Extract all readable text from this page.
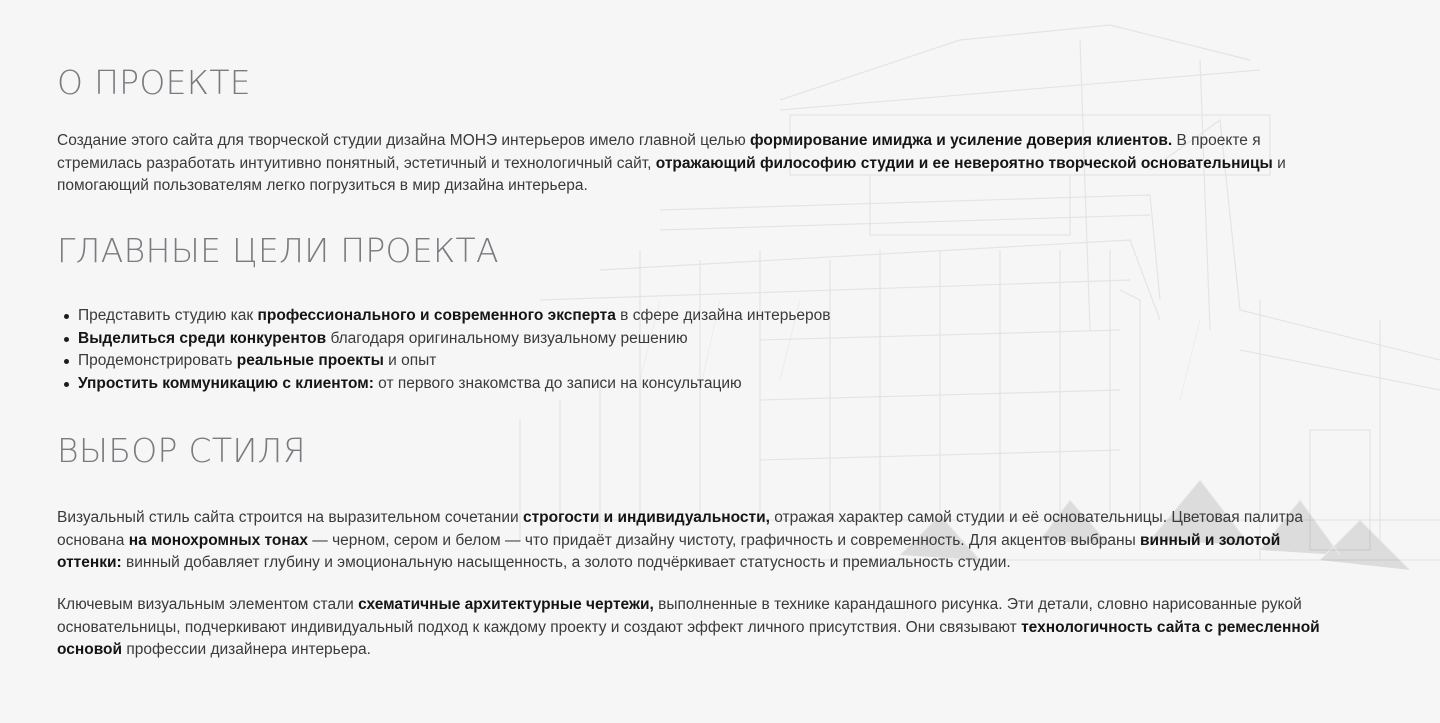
О ПРОЕКТЕ

Создание этого сайта для творческой студии дизайна МОНЭ интерьеров имело главной целью формирование имиджа и усиление доверия клиентов. В проекте я стремилась разработать интуитивно понятный, эстетичный и технологичный сайт, отражающий философию студии и ее невероятно творческой основательницы и помогающий пользователям легко погрузиться в мир дизайна интерьера.

ГЛАВНЫЕ ЦЕЛИ ПРОЕКТА
Представить студию как профессионального и современного эксперта в сфере дизайна интерьеров
Выделиться среди конкурентов благодаря оригинальному визуальному решению
Продемонстрировать реальные проекты и опыт
Упростить коммуникацию с клиентом: от первого знакомства до записи на консультацию
ВЫБОР СТИЛЯ

Визуальный стиль сайта строится на выразительном сочетании строгости и индивидуальности, отражая характер самой студии и её основательницы. Цветовая палитра основана на монохромных тонах — черном, сером и белом — что придаёт дизайну чистоту, графичность и современность. Для акцентов выбраны винный и золотой оттенки: винный добавляет глубину и эмоциональную насыщенность, а золото подчёркивает статусность и премиальность студии.

Ключевым визуальным элементом стали схематичные архитектурные чертежи, выполненные в технике карандашного рисунка. Эти детали, словно нарисованные рукой основательницы, подчеркивают индивидуальный подход к каждому проекту и создают эффект личного присутствия. Они связывают технологичность сайта с ремесленной основой профессии дизайнера интерьера.
